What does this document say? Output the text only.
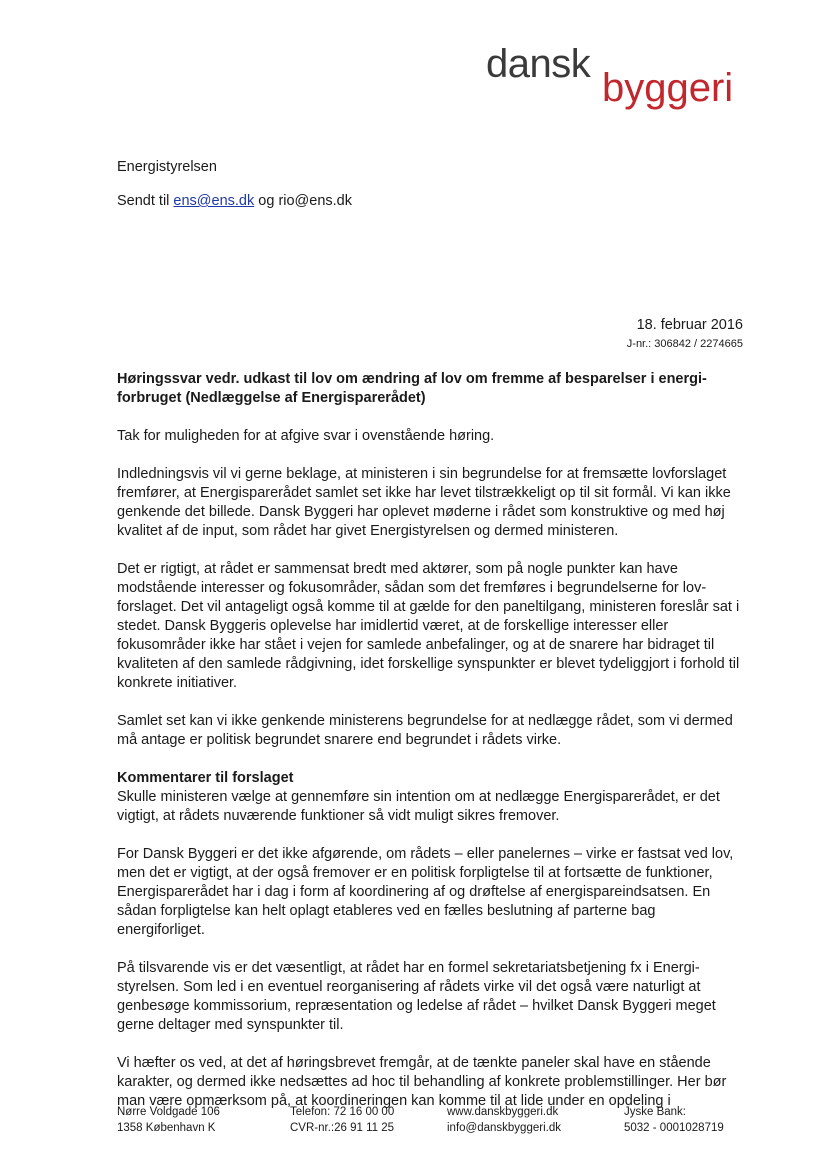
dansk
byggeri
Energistyrelsen
Sendt til ens@ens.dk og rio@ens.dk
18. februar 2016
J-nr.: 306842 / 2274665

Høringssvar vedr. udkast til lov om ændring af lov om fremme af besparelser i energiforbruget (Nedlæggelse af Energisparerådet)

Tak for muligheden for at afgive svar i ovenstående høring.

Indledningsvis vil vi gerne beklage, at ministeren i sin begrundelse for at fremsætte lovforslaget fremfører, at Energisparerådet samlet set ikke har levet tilstrækkeligt op til sit formål. Vi kan ikke genkende det billede. Dansk Byggeri har oplevet møderne i rådet som konstruktive og med høj kvalitet af de input, som rådet har givet Energistyrelsen og dermed ministeren.

Det er rigtigt, at rådet er sammensat bredt med aktører, som på nogle punkter kan have modstående interesser og fokusområder, sådan som det fremføres i begrundelserne for lovforslaget. Det vil antageligt også komme til at gælde for den paneltilgang, ministeren foreslår sat i stedet. Dansk Byggeris oplevelse har imidlertid været, at de forskellige interesser eller fokusområder ikke har stået i vejen for samlede anbefalinger, og at de snarere har bidraget til kvaliteten af den samlede rådgivning, idet forskellige synspunkter er blevet tydeliggjort i forhold til konkrete initiativer.

Samlet set kan vi ikke genkende ministerens begrundelse for at nedlægge rådet, som vi dermed må antage er politisk begrundet snarere end begrundet i rådets virke.

Kommentarer til forslaget

Skulle ministeren vælge at gennemføre sin intention om at nedlægge Energisparerådet, er det vigtigt, at rådets nuværende funktioner så vidt muligt sikres fremover.

For Dansk Byggeri er det ikke afgørende, om rådets – eller panelernes – virke er fastsat ved lov, men det er vigtigt, at der også fremover er en politisk forpligtelse til at fortsætte de funktioner, Energisparerådet har i dag i form af koordinering af og drøftelse af energispareindsatsen. En sådan forpligtelse kan helt oplagt etableres ved en fælles beslutning af parterne bag energiforliget.

På tilsvarende vis er det væsentligt, at rådet har en formel sekretariatsbetjening fx i Energistyrelsen. Som led i en eventuel reorganisering af rådets virke vil det også være naturligt at genbesøge kommissorium, repræsentation og ledelse af rådet – hvilket Dansk Byggeri meget gerne deltager med synspunkter til.

Vi hæfter os ved, at det af høringsbrevet fremgår, at de tænkte paneler skal have en stående karakter, og dermed ikke nedsættes ad hoc til behandling af konkrete problemstillinger. Her bør man være opmærksom på, at koordineringen kan komme til at lide under en opdeling i

Nørre Voldgade 106
1358 København K
Telefon: 72 16 00 00
CVR-nr.:26 91 11 25
www.danskbyggeri.dk
info@danskbyggeri.dk
Jyske Bank:
5032 - 0001028719
